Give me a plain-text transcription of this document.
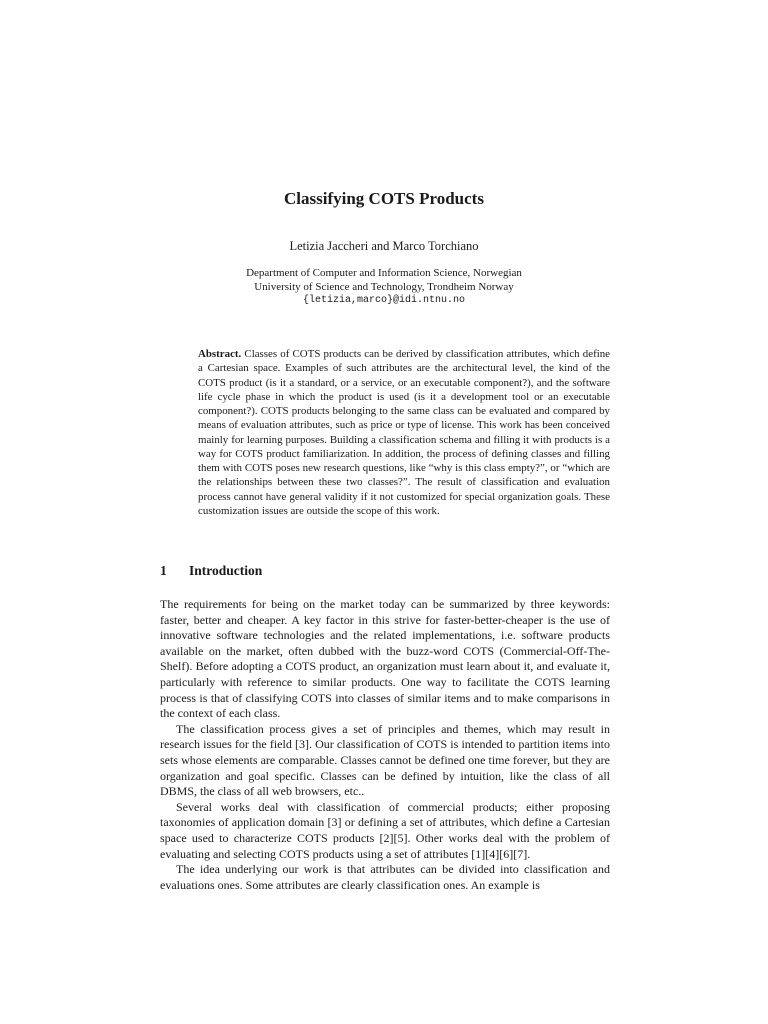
Classifying COTS Products
Letizia Jaccheri and Marco Torchiano
Department of Computer and Information Science, Norwegian
University of Science and Technology, Trondheim Norway
{letizia,marco}@idi.ntnu.no
Abstract. Classes of COTS products can be derived by classification attributes, which define a Cartesian space. Examples of such attributes are the architectural level, the kind of the COTS product (is it a standard, or a service, or an executable component?), and the software life cycle phase in which the product is used (is it a development tool or an executable component?). COTS products belonging to the same class can be evaluated and compared by means of evaluation attributes, such as price or type of license. This work has been conceived mainly for learning purposes. Building a classification schema and filling it with products is a way for COTS product familiarization. In addition, the process of defining classes and filling them with COTS poses new research questions, like “why is this class empty?”, or “which are the relationships between these two classes?”. The result of classification and evaluation process cannot have general validity if it not customized for special organization goals. These customization issues are outside the scope of this work.
1 Introduction

The requirements for being on the market today can be summarized by three keywords: faster, better and cheaper. A key factor in this strive for faster-better-cheaper is the use of innovative software technologies and the related implementations, i.e. software products available on the market, often dubbed with the buzz-word COTS (Commercial-Off-The-Shelf). Before adopting a COTS product, an organization must learn about it, and evaluate it, particularly with reference to similar products. One way to facilitate the COTS learning process is that of classifying COTS into classes of similar items and to make comparisons in the context of each class.

The classification process gives a set of principles and themes, which may result in research issues for the field [3]. Our classification of COTS is intended to partition items into sets whose elements are comparable. Classes cannot be defined one time forever, but they are organization and goal specific. Classes can be defined by intuition, like the class of all DBMS, the class of all web browsers, etc..

Several works deal with classification of commercial products; either proposing taxonomies of application domain [3] or defining a set of attributes, which define a Cartesian space used to characterize COTS products [2][5]. Other works deal with the problem of evaluating and selecting COTS products using a set of attributes [1][4][6][7].

The idea underlying our work is that attributes can be divided into classification and evaluations ones. Some attributes are clearly classification ones. An example is
